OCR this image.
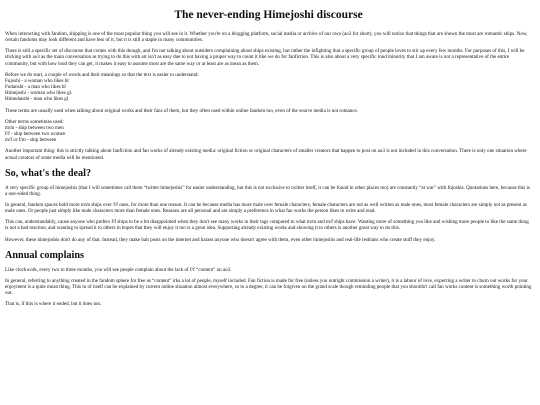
The never-ending Himejoshi discourse

When interacting with fandom, shipping is one of the most popular thing you will see in it. Whether you're on a blogging platform, social media or archive of our own (ao3 for short), you will notice that things that are shown the most are romantic ships. Now, certain fandoms may look different and have less of it, but it is still a staple in many communities.

There is still a specific set of discourse that comes with this though, and I'm not talking about outsiders complaining about ships existing, but rather the infighting that a specific group of people loves to stir up every few months. For purposes of this, I will be sticking with ao3 as the main conversation as trying to do this with art isn't as easy due to not having a proper way to count it like we do for fanfiction. This is also about a very specific loud minority that I am aware is not a representative of the entire community, but with how loud they can get, it makes it easy to assume most are the same way or at least are as mean as them.

Before we do start, a couple of words and their meanings so that the text is easier to understand:
Fujoshi - a woman who likes bl
Fudanshi - a man who likes bl
Himejoshi - woman who likes gl.
Himedanshi - man who likes gl

These terms are usually used when talking about original works and their fans of them, but they often used within online fandom too, even of the source media is not romance.

Other terms sometimes used:
m/m - ship between two men
f/f - ship between two women
m/f or f/m - ship between

Another important thing: this is strictly talking about fanfiction and fan works of already existing media: original fiction or original characters of smaller creators that happen to post on ao3 is not included in this conversation. There is only one situation where actual creators of some media will be mentioned.

So, what's the deal?

A very specific group of himejoshis (that I will sometimes call them “twitter himejoshis” for easier understanding, but this is not exclusive to twitter itself, it can be found in other places too) are constantly “at war” with fujoshis. Quotations here, because this is a one-sided thing.

In general, fandom spaces hold more m/m ships over f/f ones, for more than one reason. It can be because media has more male over female characters, female characters are not as well written as male ones, most female characters are simply not as present as male ones. Or people just simply like male characters more than female ones. Reasons are all personal and are simply a preference in what fan works the person likes to write and read.

This can, understandably, cause anyone who prefers f/f ships to be a bit disappointed when they don't see many works in their tags compared to what m/m and m/f ships have. Wanting more of something you like and wishing more people to like the same thing is not a bad reaction, and wanting to spread it to others in hopes that they will enjoy it too is a great idea. Supporting already existing works and showing it to others is another great way to do this.

However, these himejoshis don't do any of that. Instead, they make bait posts on the internet and harass anyone who doesn't agree with them, even other himejoshis and real-life lesbians who create stuff they enjoy.

Annual complains

Like clockwork, every two to three months, you will see people complain about the lack of f/f “content” on ao3.

In general, referring to anything created in the fandom sphere for free as “content” irks a lot of people, myself included. Fan fiction is made for free (unless you outright commission a writer), it is a labour of love, expecting a writer to churn out works for your enjoyment is a quite mean thing. This in of itself can be explained by current online situation almost everywhere, so to a degree, it can be forgiven on the grand scale though reminding people that you shouldn't call fan works content is something worth pointing out.

That is, if this is where it ended, but it does not.
